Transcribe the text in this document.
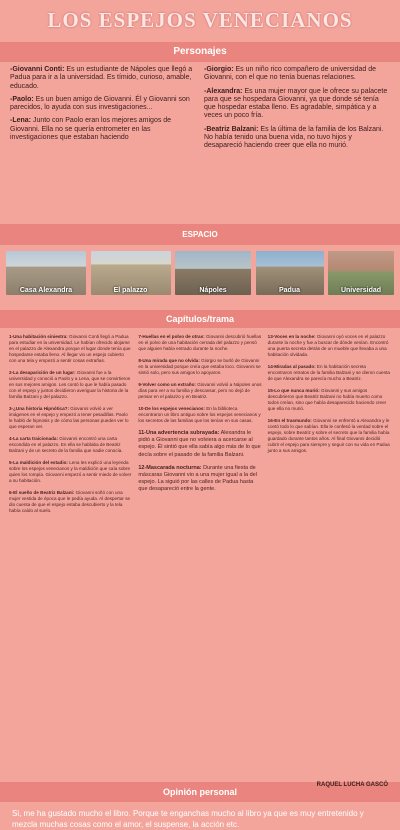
LOS ESPEJOS VENECIANOS
Personajes
-Giovanni Conti: Es un estudiante de Nápoles que llegó a Padua para ir a la universidad. Es tímido, curioso, amable, educado.
-Paolo: Es un buen amigo de Giovanni. Él y Giovanni son parecidos, lo ayuda con sus investigaciones...
-Lena: Junto con Paolo eran los mejores amigos de Giovanni. Ella no se quería entrometer en las investigaciones que estaban haciendo
-Giorgio: Es un niño rico compañero de universidad de Giovanni, con el que no tenía buenas relaciones.
-Alexandra: Es una mujer mayor que le ofrece su palacete para que se hospedara Giovanni, ya que donde sé tenía que hospedar estaba lleno. Es agradable, simpática y a veces un poco fría.
-Beatriz Balzani: Es la última de la familia de los Balzani. No había tenido una buena vida, no tuvo hijos y desapareció haciendo creer que ella no murió.
ESPACIO
Casa Alexandra	El palazzo	Nápoles	Padua	Universidad
Capítulos/trama
1-Una habitación siniestra: Giovanni Conti llegó a Padua para estudiar en la universidad. Le habían ofrecido alojarse en el palazzo de Alexandra porque el lugar donde tenía que hospedarse estaba lleno. Al llegar vio un espejo cubierto con una tela y empezó a sentir cosas extrañas.
2-La desaparición de un lugar: Giovanni fue a la universidad y conoció a Paolo y a Lena, que se convirtieron en sus mejores amigos. Les contó lo que le había pasado con el espejo y juntos decidieron averiguar la historia de la familia Balzani y del palazzo.
3-¿Una historia Hipnótica?: Giovanni volvió a ver imágenes en el espejo y empezó a tener pesadillas. Paolo le habló de hipnosis y de cómo las personas pueden ver lo que esperan ver.
4-La carta traicionada: Giovanni encontró una carta escondida en el palazzo. En ella se hablaba de Beatriz Balzani y de un secreto de la familia que nadie conocía.
5-La maldición del estadio: Lena les explicó una leyenda sobre los espejos venecianos y la maldición que caía sobre quien los rompía. Giovanni empezó a sentir miedo de volver a su habitación.
6-El sueño de Beatriz Balzani: Giovanni soñó con una mujer vestida de época que le pedía ayuda. Al despertar se dio cuenta de que el espejo estaba descubierto y la tela había caído al suelo.
7-Huellas en el polvo de otras: Giovanni descubrió huellas en el polvo de una habitación cerrada del palazzo y pensó que alguien había entrado durante la noche.
8-Una mirada que no olvida: Giorgio se burló de Giovanni en la universidad porque creía que estaba loco. Giovanni se sintió solo, pero sus amigos lo apoyaron.
9-Volver como un extraño: Giovanni volvió a Nápoles unos días para ver a su familia y descansar, pero no dejó de pensar en el palazzo y en Beatriz.
10-De los espejos venecianos: En la biblioteca encontraron un libro antiguo sobre los espejos venecianos y los secretos de las familias que los tenían en sus casas.
11-Una advertencia subrayada: Alexandra le pidió a Giovanni que no volviera a acercarse al espejo. Él sintió que ella sabía algo más de lo que decía sobre el pasado de la familia Balzani.
12-Mascarada nocturna: Durante una fiesta de máscaras Giovanni vio a una mujer igual a la del espejo. La siguió por las calles de Padua hasta que desapareció entre la gente.
13-Voces en la noche: Giovanni oyó voces en el palazzo durante la noche y fue a buscar de dónde venían. Encontró una puerta secreta detrás de un mueble que llevaba a una habitación olvidada.
14-Miradas al pasado: En la habitación secreta encontraron retratos de la familia Balzani y se dieron cuenta de que Alexandra se parecía mucho a Beatriz.
15-Lo que nunca murió: Giovanni y sus amigos descubrieron que Beatriz Balzani no había muerto como todos creían, sino que había desaparecido haciendo creer que ella no murió.
16-En el trasmundo: Giovanni se enfrentó a Alexandra y le contó todo lo que sabían. Ella le confesó la verdad sobre el espejo, sobre Beatriz y sobre el secreto que la familia había guardado durante tantos años. Al final Giovanni decidió cubrir el espejo para siempre y seguir con su vida en Padua junto a sus amigos.
Opinión personal
Si, me ha gustado mucho el libro. Porque te enganchas mucho al libro ya que es muy entretenido y mezcla muchas cosas como el amor, el suspense, la acción etc.
RAQUEL LUCHA GASCÓ
